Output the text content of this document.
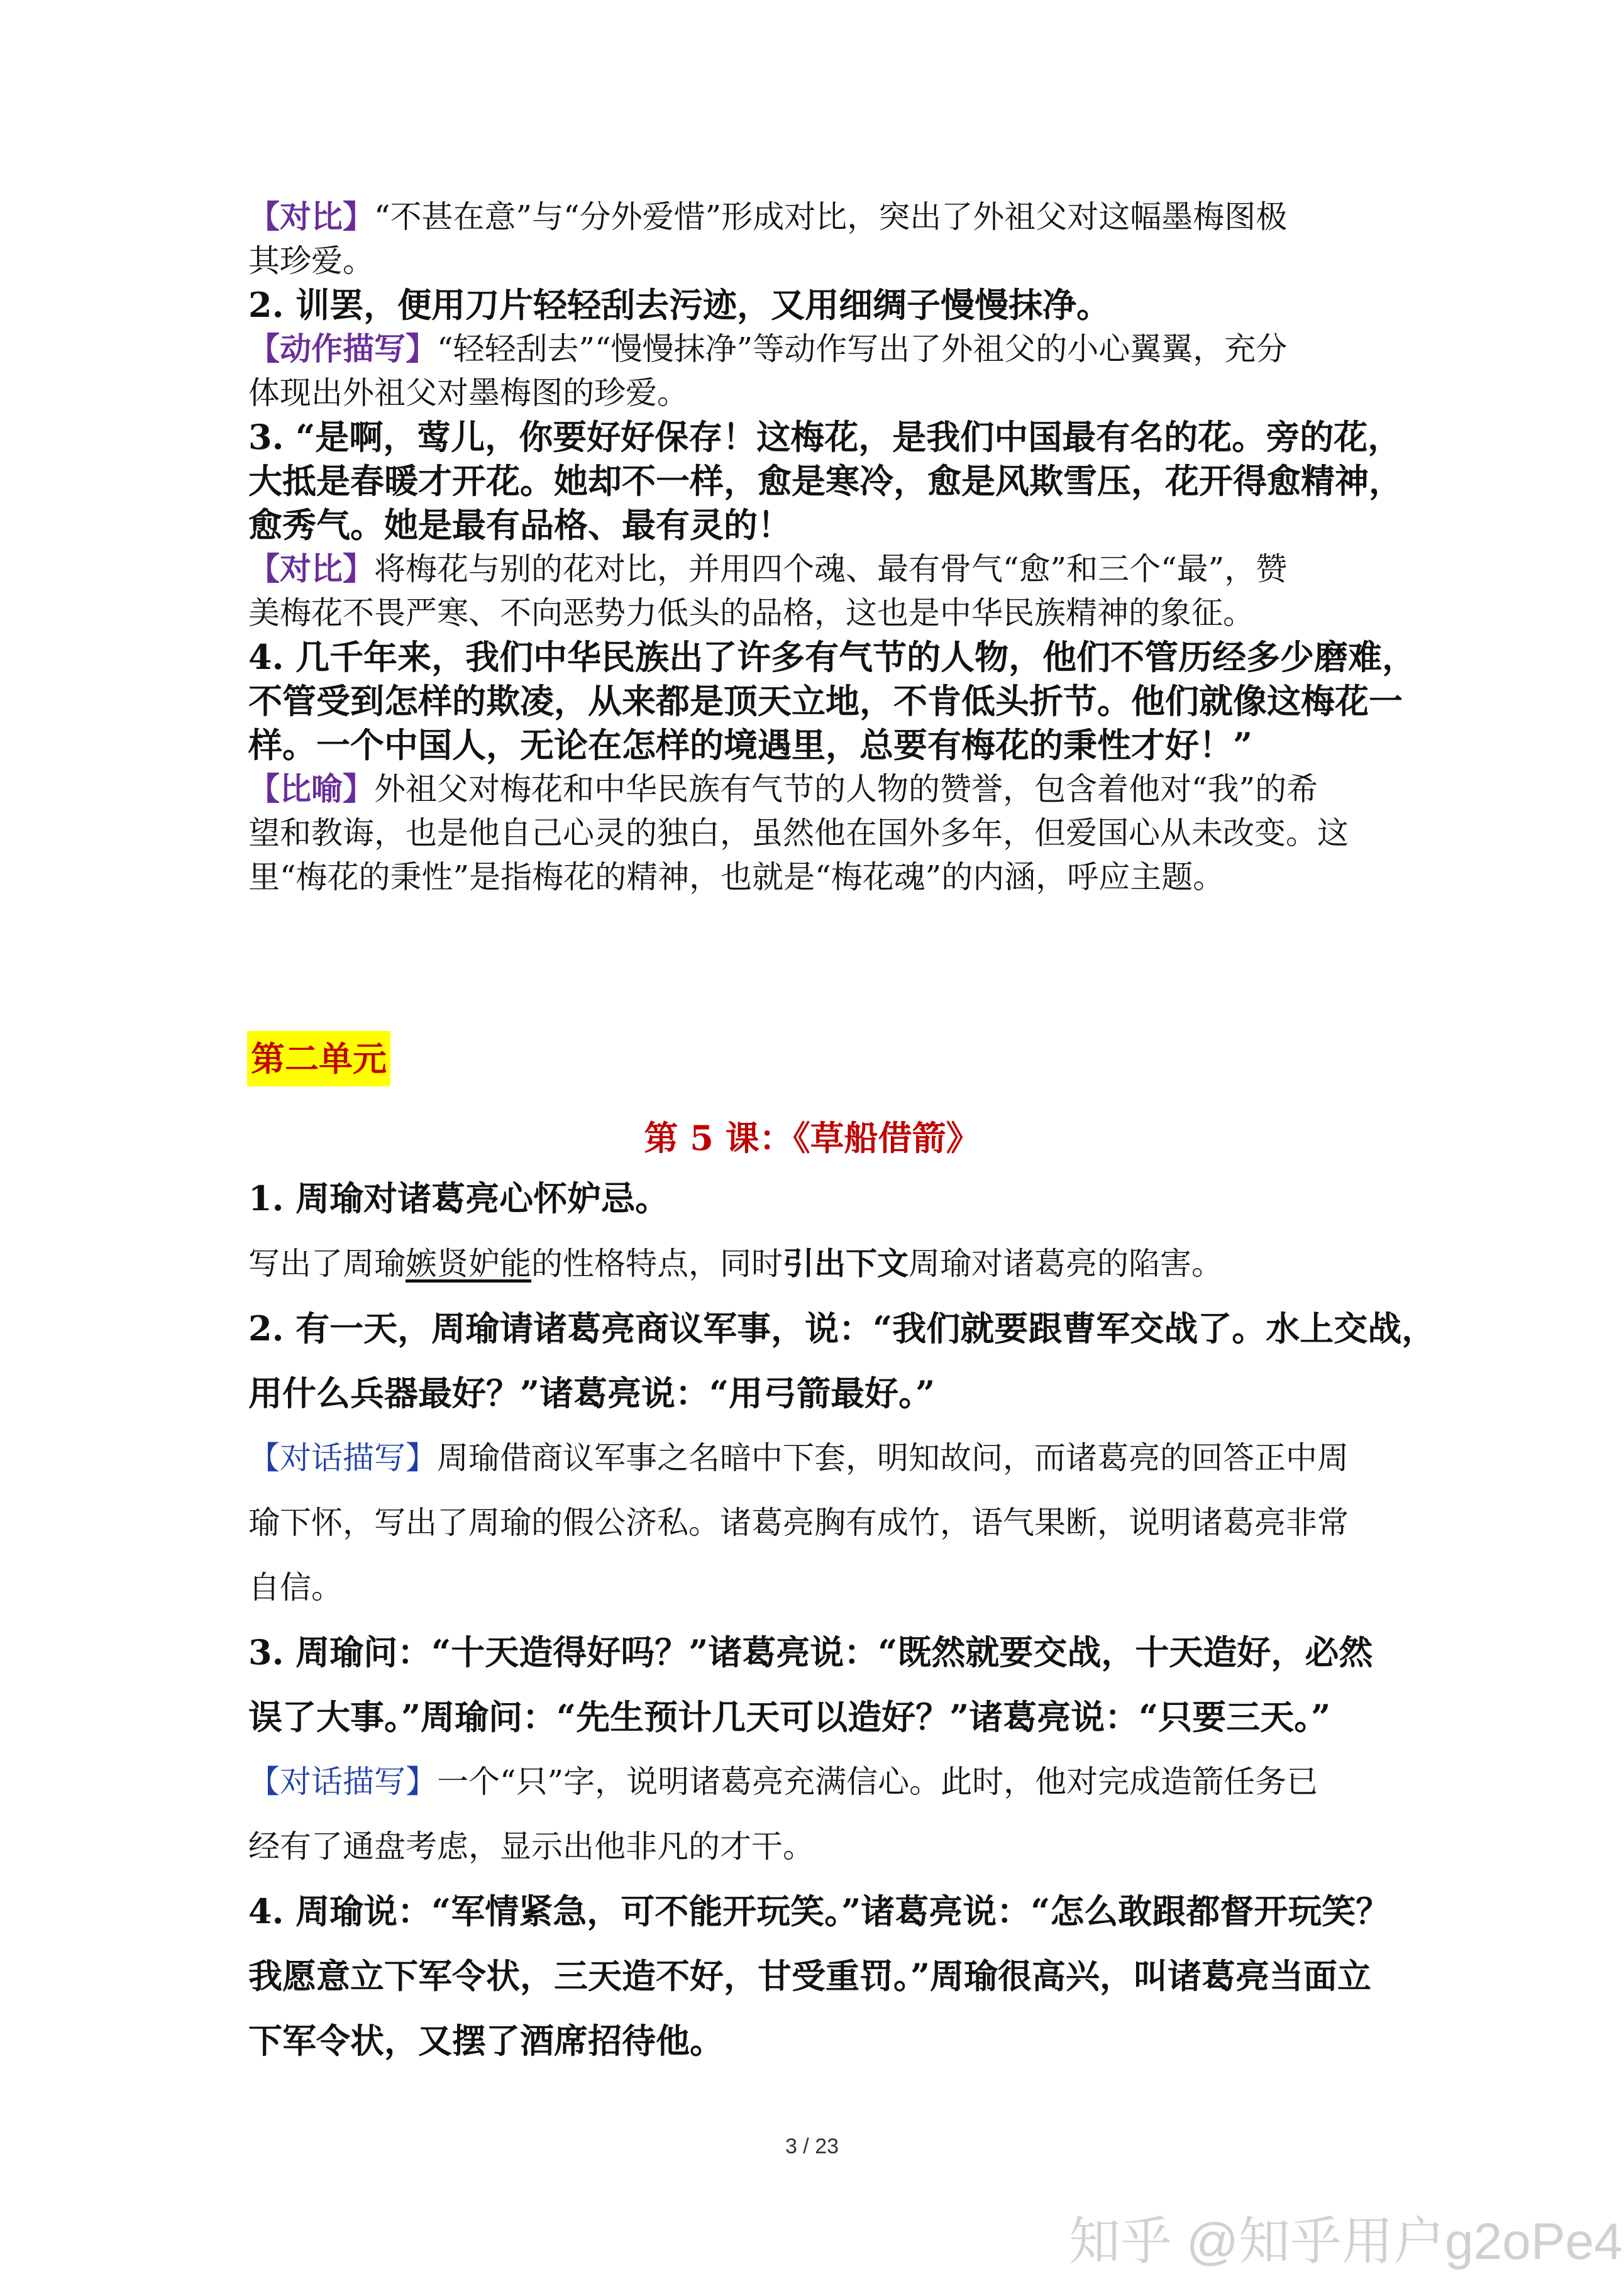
【对比】“不甚在意”与“分外爱惜”形成对比，突出了外祖父对这幅墨梅图极
其珍爱。
2. 训罢，便用刀片轻轻刮去污迹，又用细绸子慢慢抹净。
【动作描写】“轻轻刮去”“慢慢抹净”等动作写出了外祖父的小心翼翼，充分
体现出外祖父对墨梅图的珍爱。
3. “是啊，莺儿，你要好好保存！这梅花，是我们中国最有名的花。旁的花，
大抵是春暖才开花。她却不一样，愈是寒冷，愈是风欺雪压，花开得愈精神，
愈秀气。她是最有品格、最有灵的！
【对比】将梅花与别的花对比，并用四个魂、最有骨气“愈”和三个“最”，赞
美梅花不畏严寒、不向恶势力低头的品格，这也是中华民族精神的象征。
4. 几千年来，我们中华民族出了许多有气节的人物，他们不管历经多少磨难，
不管受到怎样的欺凌，从来都是顶天立地，不肯低头折节。他们就像这梅花一
样。一个中国人，无论在怎样的境遇里，总要有梅花的秉性才好！”
【比喻】外祖父对梅花和中华民族有气节的人物的赞誉，包含着他对“我”的希
望和教诲，也是他自己心灵的独白，虽然他在国外多年，但爱国心从未改变。这
里“梅花的秉性”是指梅花的精神，也就是“梅花魂”的内涵，呼应主题。
第二单元
第 5 课：《草船借箭》
1. 周瑜对诸葛亮心怀妒忌。
写出了周瑜嫉贤妒能的性格特点，同时引出下文周瑜对诸葛亮的陷害。
2. 有一天，周瑜请诸葛亮商议军事，说：“我们就要跟曹军交战了。水上交战，
用什么兵器最好？”诸葛亮说：“用弓箭最好。”
【对话描写】周瑜借商议军事之名暗中下套，明知故问，而诸葛亮的回答正中周
瑜下怀，写出了周瑜的假公济私。诸葛亮胸有成竹，语气果断，说明诸葛亮非常
自信。
3. 周瑜问：“十天造得好吗？”诸葛亮说：“既然就要交战，十天造好，必然
误了大事。”周瑜问：“先生预计几天可以造好？”诸葛亮说：“只要三天。”
【对话描写】一个“只”字，说明诸葛亮充满信心。此时，他对完成造箭任务已
经有了通盘考虑，显示出他非凡的才干。
4. 周瑜说：“军情紧急，可不能开玩笑。”诸葛亮说：“怎么敢跟都督开玩笑？
我愿意立下军令状，三天造不好，甘受重罚。”周瑜很高兴，叫诸葛亮当面立
下军令状，又摆了酒席招待他。
3 / 23
知乎 @知乎用户g2oPe4
